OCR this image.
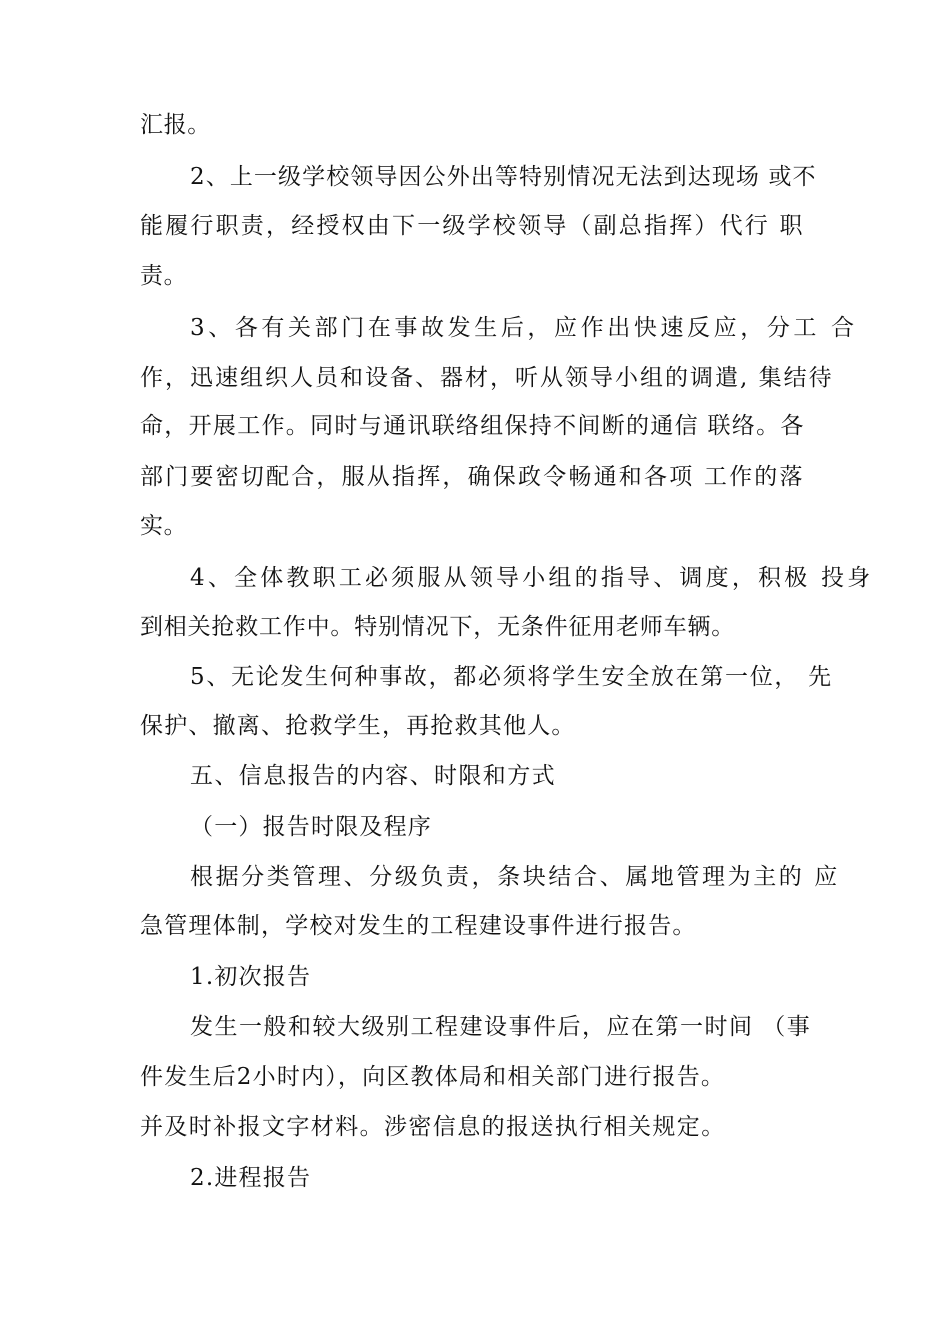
汇报。
2、上一级学校领导因公外出等特别情况无法到达现场 或不
能履行职责，经授权由下一级学校领导（副总指挥）代行 职
责。
3、各有关部门在事故发生后，应作出快速反应，分工 合
作，迅速组织人员和设备、器材，听从领导小组的调遣, 集结待
命，开展工作。同时与通讯联络组保持不间断的通信 联络。各
部门要密切配合，服从指挥，确保政令畅通和各项 工作的落
实。
4、全体教职工必须服从领导小组的指导、调度，积极 投身
到相关抢救工作中。特别情况下，无条件征用老师车辆。
5、无论发生何种事故，都必须将学生安全放在第一位， 先
保护、撤离、抢救学生，再抢救其他人。
五、信息报告的内容、时限和方式
（一）报告时限及程序
根据分类管理、分级负责，条块结合、属地管理为主的 应
急管理体制，学校对发生的工程建设事件进行报告。
1.初次报告
发生一般和较大级别工程建设事件后，应在第一时间 （事
件发生后2小时内），向区教体局和相关部门进行报告。
并及时补报文字材料。涉密信息的报送执行相关规定。
2.进程报告
